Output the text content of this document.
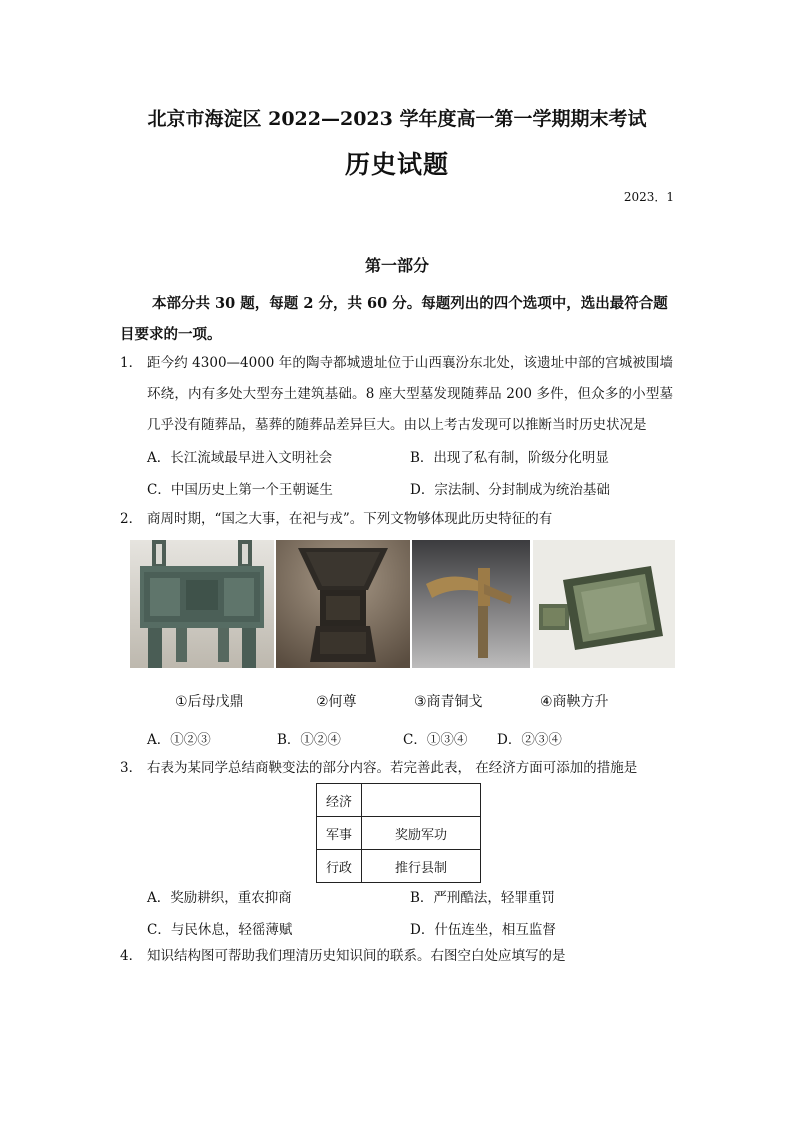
北京市海淀区 2022—2023 学年度高一第一学期期末考试
历史试题
2023．1
第一部分
本部分共 30 题，每题 2 分，共 60 分。每题列出的四个选项中，选出最符合题目要求的一项。
1． 距今约 4300—4000 年的陶寺都城遗址位于山西襄汾东北处，该遗址中部的宫城被围墙环绕，内有多处大型夯土建筑基础。8 座大型墓发现随葬品 200 多件，但众多的小型墓几乎没有随葬品，墓葬的随葬品差异巨大。由以上考古发现可以推断当时历史状况是
A．长江流域最早进入文明社会	B．出现了私有制，阶级分化明显
C．中国历史上第一个王朝诞生	D．宗法制、分封制成为统治基础
2． 商周时期，“国之大事，在祀与戎”。下列文物够体现此历史特征的有
①后母戊鼎	②何尊	③商青铜戈	④商鞅方升
A．①②③	B．①②④	C．①③④ D．②③④
3． 右表为某同学总结商鞅变法的部分内容。若完善此表， 在经济方面可添加的措施是
经济	
军事	奖励军功
行政	推行县制
A．奖励耕织，重农抑商	B．严刑酷法，轻罪重罚
C．与民休息，轻徭薄赋	D．什伍连坐，相互监督
4． 知识结构图可帮助我们理清历史知识间的联系。右图空白处应填写的是
